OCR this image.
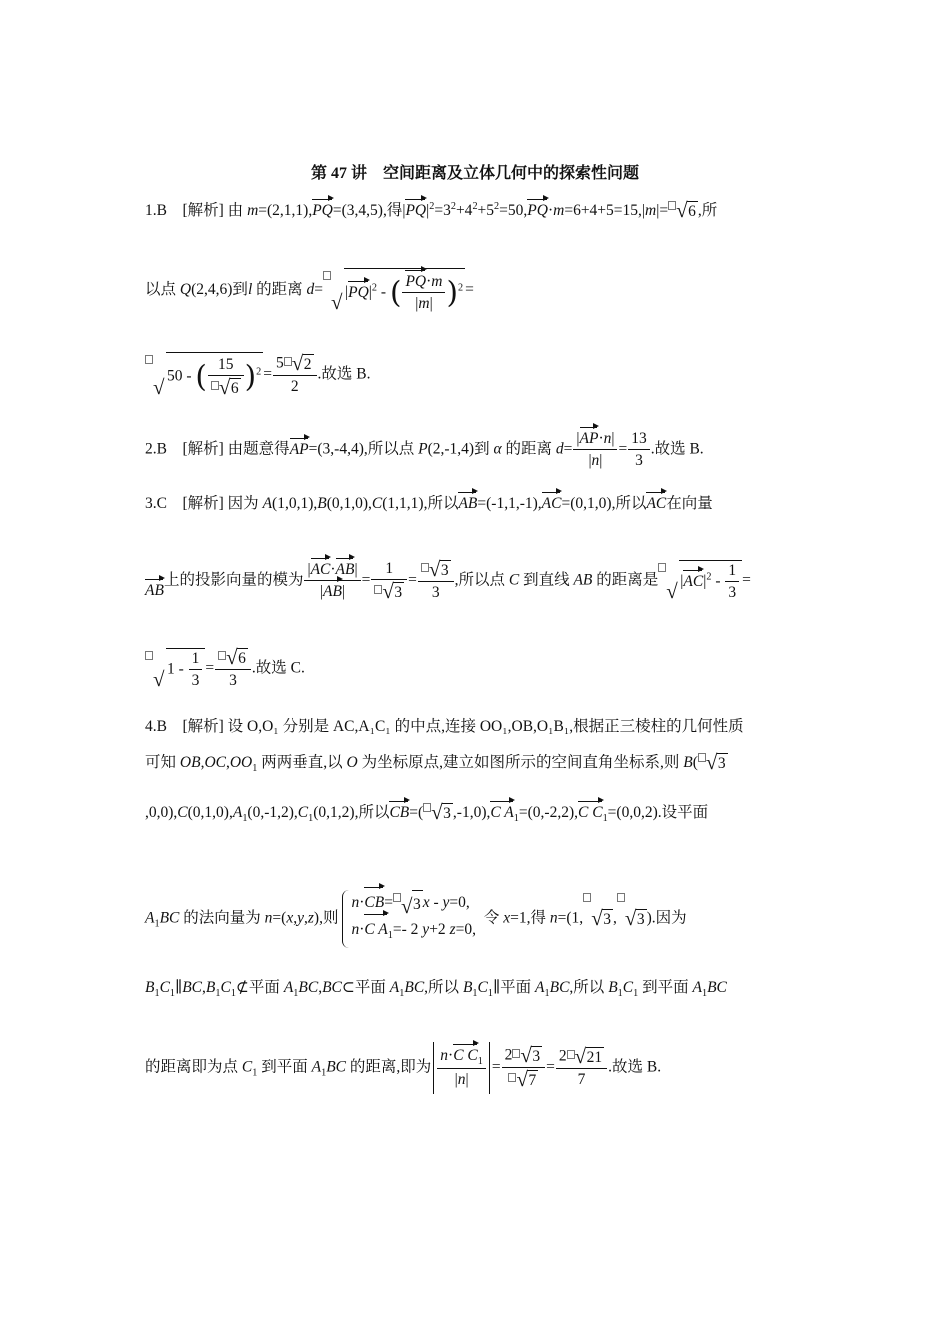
第 47 讲　空间距离及立体几何中的探索性问题
1.B [解析] 由 m=(2,1,1),PQ=(3,4,5),得$|PQ|^2=3^2+4^2+5^2=50,PQ\cdot m=6+4+5=15,|m|=√$ 6 ,所
以点 Q(2,4,6)到l 的距离 d=√ $|PQ|^2$ - ( $\frac{PQ\cdot m}{|m|} )^2$ =
√ 50 - ( 15
√ 6 )$^2 = \frac{5√ 2}{2}$ .故选 B.
2.B [解析] 由题意得AP=(3,-4,4),所以点 P(2,-1,4)到 α 的距离 $d= \frac{|AP\cdot n|}{|n|} = \frac{13}{3}$ .故选 B.
3.C [解析] 因为 A(1,0,1),B(0,1,0),C(1,1,1),所以AB=(-1,1,-1),AC=(0,1,0),所以AC在向量
AB上的投影向量的模为 $\frac{|AC\cdot AB|}{|AB|} = 1$
√ 3 =
√ $\frac{3}{3}$ ,所以点 C 到直线 AB 的距离是√ $|AC|^2 - \frac{1}{3}$ =
√ $1 - \frac{1}{3}$ =
√ $\frac{6}{3}$ .故选 C.
4.B [解析] 设 O,O₁ 分别是 AC,A₁C₁ 的中点,连接 OO₁,OB,O₁B₁,根据正三棱柱的几何性质
可知 $OB,OC,OO_1$ 两两垂直,以 O 为坐标原点,建立如图所示的空间直角坐标系,则 B(√ 3
$,0,0),C(0,1,0),A_1(0,-1,2),C_1(0,1,2)$,所以CB=(√ 3 ,-1,0),C $A_1=(0,-2,2),C$ $C_1=(0,0,2)$.设平面
$A_1BC$ 的法向量为 n=(x,y,z),则
n·CB=√ 3 x - y=0,
n·C $A_1=-$ 2 y+2 z=0,
令 x=1,得 n=(1,√ 3 ,√ 3 ).因为
$B_1C_1\parallel BC,B_1C_1⊄$平面 $A_1BC,BC\subset$平面 $A_1BC$,所以 $B_1C_1\parallel$平面 $A_1BC$,所以 $B_1C_1$ 到平面 $A_1BC$
的距离即为点 $C_1$ 到平面 $A_1BC$ 的距离,即为 $\frac{n\cdot C C_1}{|n|} = 2√$ 3
√ $7 = \frac{2√ 21}{7}$ .故选 B.
